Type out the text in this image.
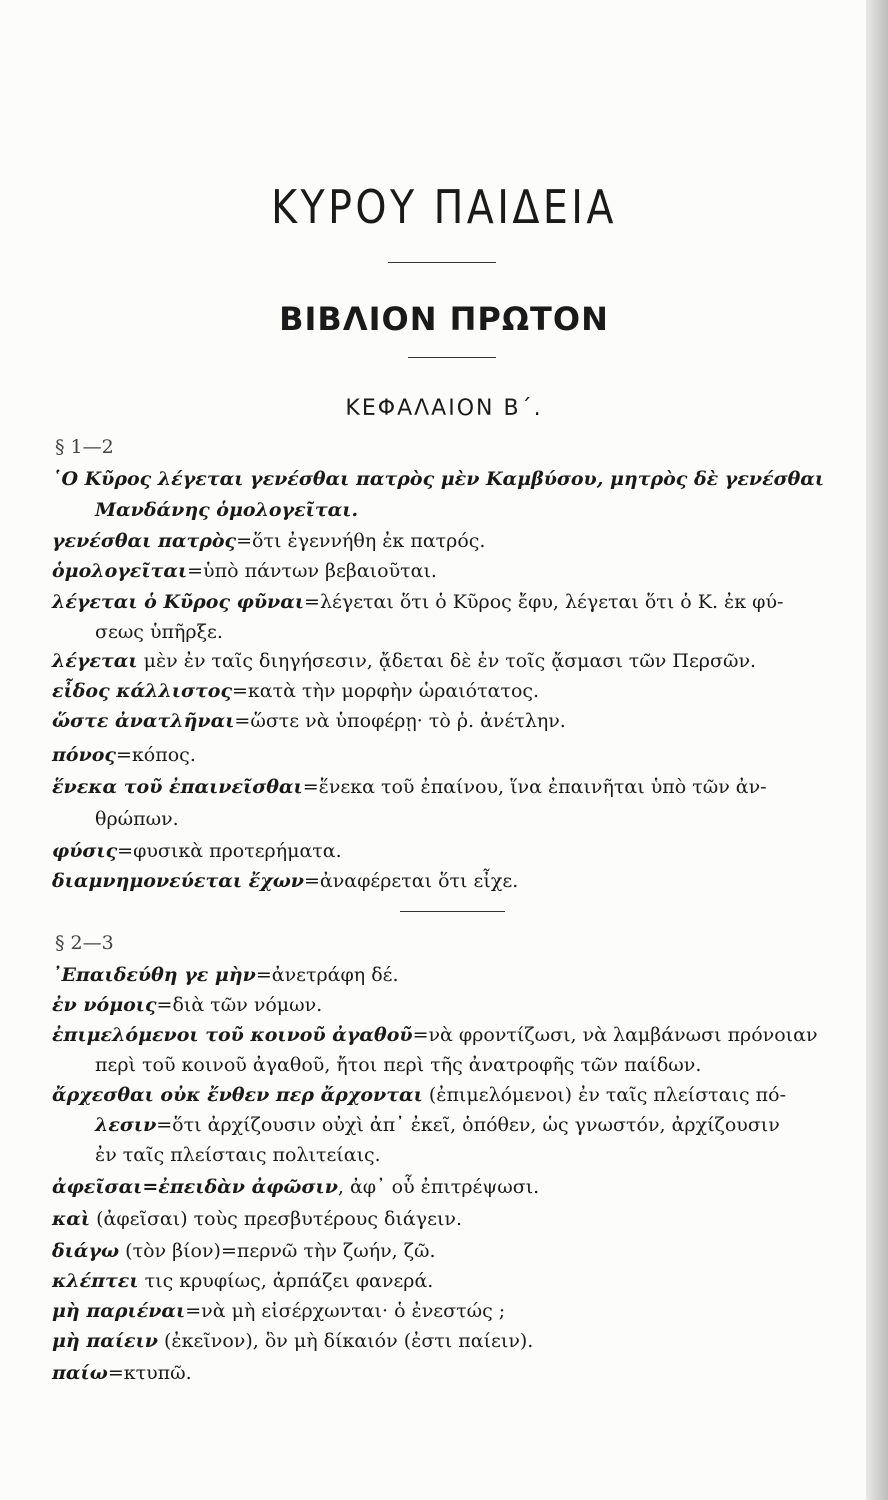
ΚΥΡΟΥ ΠΑΙΔΕΙΑ
ΒΙΒΛΙΟΝ ΠΡΩΤΟΝ
ΚΕΦΑΛΑΙΟΝ Β΄.
§ 1—2
῾Ο Κῦρος λέγεται γενέσθαι πατρὸς μὲν Καμβύσου, μητρὸς δὲ γενέσθαι
Μανδάνης ὁμολογεῖται.
γενέσθαι πατρὸς=ὅτι ἐγεννήθη ἐκ πατρός.
ὁμολογεῖται=ὑπὸ πάντων βεβαιοῦται.
λέγεται ὁ Κῦρος φῦναι=λέγεται ὅτι ὁ Κῦρος ἔφυ, λέγεται ὅτι ὁ Κ. ἐκ φύ-
σεως ὑπῆρξε.
λέγεται μὲν ἐν ταῖς διηγήσεσιν, ᾄδεται δὲ ἐν τοῖς ᾄσμασι τῶν Περσῶν.
εἶδος κάλλιστος=κατὰ τὴν μορφὴν ὡραιότατος.
ὥστε ἀνατλῆναι=ὥστε νὰ ὑποφέρῃ· τὸ ῥ. ἀνέτλην.
πόνος=κόπος.
ἕνεκα τοῦ ἐπαινεῖσθαι=ἕνεκα τοῦ ἐπαίνου, ἵνα ἐπαινῆται ὑπὸ τῶν ἀν-
θρώπων.
φύσις=φυσικὰ προτερήματα.
διαμνημονεύεται ἔχων=ἀναφέρεται ὅτι εἶχε.
§ 2—3
᾿Επαιδεύθη γε μὴν=ἀνετράφη δέ.
ἐν νόμοις=διὰ τῶν νόμων.
ἐπιμελόμενοι τοῦ κοινοῦ ἀγαθοῦ=νὰ φροντίζωσι, νὰ λαμβάνωσι πρόνοιαν
περὶ τοῦ κοινοῦ ἀγαθοῦ, ἤτοι περὶ τῆς ἀνατροφῆς τῶν παίδων.
ἄρχεσθαι οὐκ ἔνθεν περ ἄρχονται (ἐπιμελόμενοι) ἐν ταῖς πλείσταις πό-
λεσιν=ὅτι ἀρχίζουσιν οὐχὶ ἀπ᾿ ἐκεῖ, ὁπόθεν, ὡς γνωστόν, ἀρχίζουσιν
ἐν ταῖς πλείσταις πολιτείαις.
ἀφεῖσαι=ἐπειδὰν ἀφῶσιν, ἀφ᾿ οὗ ἐπιτρέψωσι.
καὶ (ἀφεῖσαι) τοὺς πρεσβυτέρους διάγειν.
διάγω (τὸν βίον)=περνῶ τὴν ζωήν, ζῶ.
κλέπτει τις κρυφίως, ἁρπάζει φανερά.
μὴ παριέναι=νὰ μὴ εἰσέρχωνται· ὁ ἐνεστώς ;
μὴ παίειν (ἐκεῖνον), ὃν μὴ δίκαιόν (ἐστι παίειν).
παίω=κτυπῶ.
